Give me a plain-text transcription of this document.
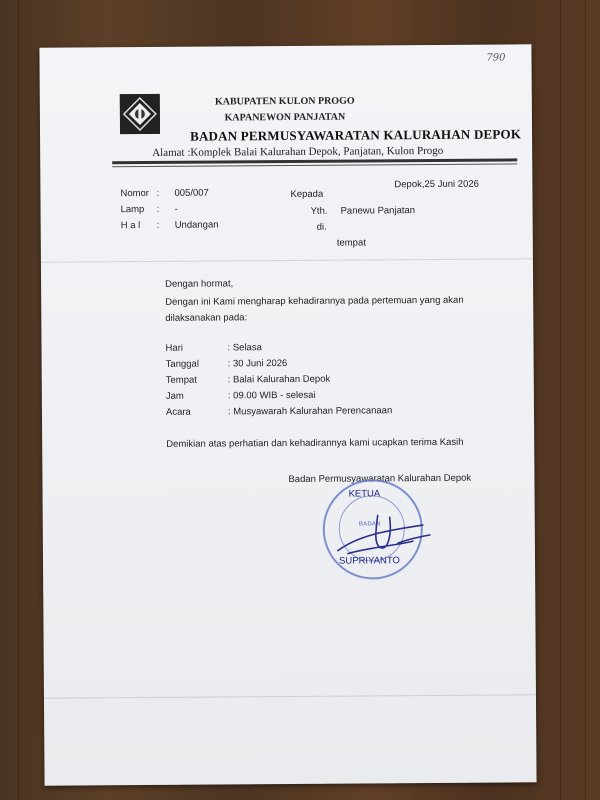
790
KABUPATEN KULON PROGO
KAPANEWON PANJATAN
BADAN PERMUSYAWARATAN KALURAHAN DEPOK
Alamat :Komplek Balai Kalurahan Depok, Panjatan, Kulon Progo
Depok,25 Juni 2026
Nomor : 005/007
Lamp : -
H a l : Undangan
Kepada
Yth. Panewu Panjatan
di.
tempat
Dengan hormat,
Dengan ini Kami mengharap kehadirannya pada pertemuan yang akan
dilaksanakan pada:
Hari	: Selasa
Tanggal	: 30 Juni 2026
Tempat	: Balai Kalurahan Depok
Jam	: 09.00 WIB - selesai
Acara	: Musyawarah Kalurahan Perencanaan
Demikian atas perhatian dan kehadirannya kami ucapkan terima Kasih
Badan Permusyawaratan Kalurahan Depok
BADAN
KETUA
SUPRIYANTO
